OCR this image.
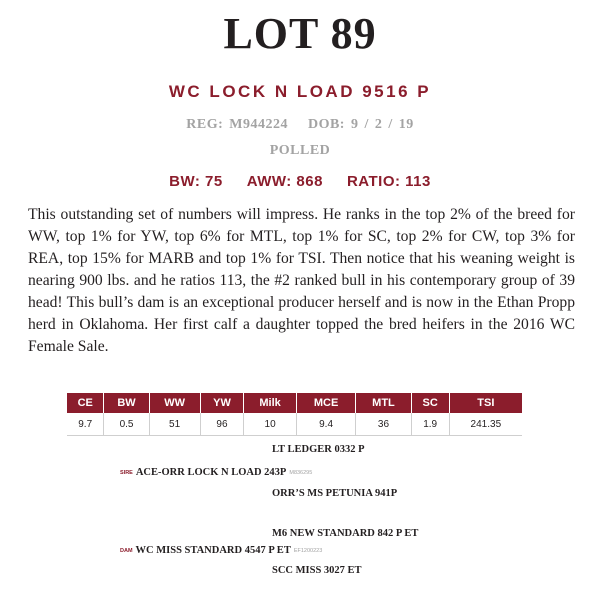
LOT 89
WC LOCK N LOAD 9516 P
REG: M944224 DOB: 9 / 2 / 19
POLLED
BW: 75 AWW: 868 RATIO: 113
This outstanding set of numbers will impress. He ranks in the top 2% of the breed for WW, top 1% for YW, top 6% for MTL, top 1% for SC, top 2% for CW, top 3% for REA, top 15% for MARB and top 1% for TSI. Then notice that his weaning weight is nearing 900 lbs. and he ratios 113, the #2 ranked bull in his contemporary group of 39 head! This bull’s dam is an exceptional producer herself and is now in the Ethan Propp herd in Oklahoma. Her first calf a daughter topped the bred heifers in the 2016 WC Female Sale.
CE	BW	WW	YW	Milk	MCE	MTL	SC	TSI
9.7	0.5	51	96	10	9.4	36	1.9	241.35
LT LEDGER 0332 P
SIRE ACE-ORR LOCK N LOAD 243P M836295
ORR’S MS PETUNIA 941P
M6 NEW STANDARD 842 P ET
DAM WC MISS STANDARD 4547 P ET EF1200223
SCC MISS 3027 ET
